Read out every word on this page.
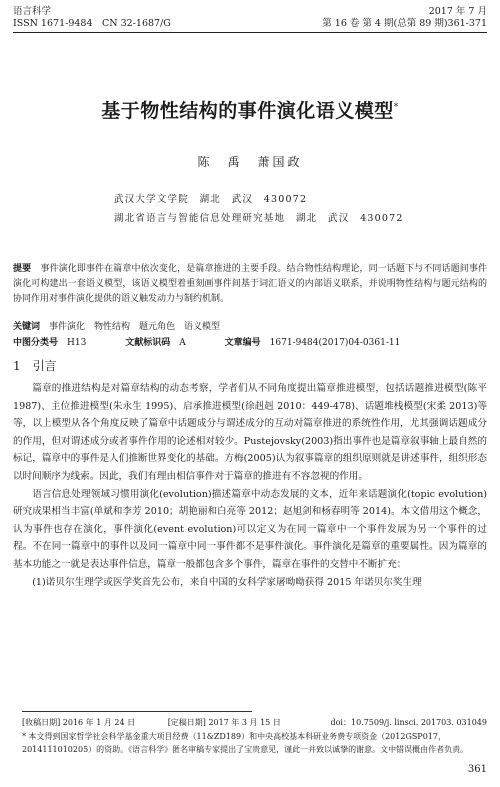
语言科学	2017 年 7 月
ISSN 1671-9484　CN 32-1687/G	第 16 卷 第 4 期(总第 89 期)361-371
基于物性结构的事件演化语义模型*
陈　禹　萧国政
武汉大学文学院　湖北　武汉　430072
湖北省语言与智能信息处理研究基地　湖北　武汉　430072
提要　 事件演化即事件在篇章中依次变化，是篇章推进的主要手段。结合物性结构理论，同一话题下与不同话题间事件演化可构建出一套语义模型，该语义模型着重刻画事件间基于词汇语义的内部语义联系，并说明物性结构与题元结构的协同作用对事件演化提供的语义触发动力与制约机制。
关键词　 事件演化　物性结构　题元角色　语义模型
中图分类号　 H13	文献标识码　 A	文章编号　 1671-9484(2017)04-0361-11
1　 引言

篇章的推进结构是对篇章结构的动态考察，学者们从不同角度提出篇章推进模型，包括话题推进模型(陈平 1987)、主位推进模型(朱永生 1995)、启承推进模型(徐赳赳 2010：449-478)、话题堆栈模型(宋柔 2013)等等，以上模型从各个角度反映了篇章中话题成分与谓述成分的互动对篇章推进的系统性作用，尤其强调话题成分的作用，但对谓述成分或者事件作用的论述相对较少。Pustejovsky(2003)指出事件也是篇章叙事轴上最自然的标记，篇章中的事件是人们推断世界变化的基础。方梅(2005)认为叙事篇章的组织原则就是讲述事件，组织形态以时间顺序为线索。因此，我们有理由相信事件对于篇章的推进有不容忽视的作用。

语言信息处理领域习惯用演化(evolution)描述篇章中动态发展的文本，近年来话题演化(topic evolution)研究成果相当丰富(单斌和李芳 2010；胡艳丽和白亮等 2012；赵旭剑和杨春明等 2014)。本文借用这个概念，认为事件也存在演化，事件演化(event evolution)可以定义为在同一篇章中一个事件发展为另一个事件的过程。不在同一篇章中的事件以及同一篇章中同一事件都不是事件演化。事件演化是篇章的重要属性。因为篇章的基本功能之一就是表达事件信息，篇章一般都包含多个事件，篇章在事件的交替中不断扩充：

(1)诺贝尔生理学或医学奖首先公布，来自中国的女科学家屠呦呦获得 2015 年诺贝尔奖生理

[收稿日期] 2016 年 1 月 24 日	[定稿日期] 2017 年 3 月 15 日	doi：10.7509/j. linsci. 201703. 031049
* 本文得到国家哲学社会科学基金重大项目经费（11&ZD189）和中央高校基本科研业务费专项资金（2012GSP017，2014111010205）的资助。《语言科学》匿名审稿专家提出了宝贵意见，谨此一并致以诚挚的谢意。文中错误概由作者负责。
361
